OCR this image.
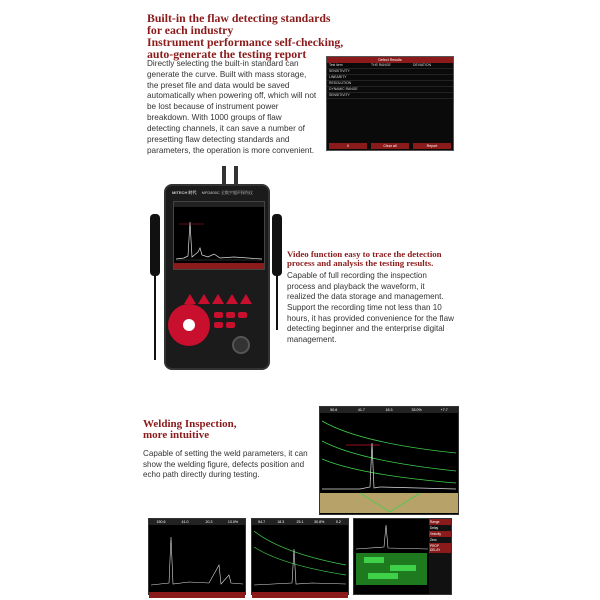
Built-in the flaw detecting standards
for each industry
Instrument performance self-checking,
auto-generate the testing report
Directly selecting the built-in standard can generate the curve. Built with mass storage, the preset file and data would be saved automatically when powering off, which will not be lost because of instrument power breakdown. With 1000 groups of flaw detecting channels, it can save a number of presetting flaw detecting standards and parameters, the operation is more convenient.
Defect Results
Test item	THS RANGE	DEVIATION
SENSITIVITY
LINEARITY
RESOLUTION
DYNAMIC RANGE
SENSITIVITY
X	Clear all	Report
MITECH 时代 MFD800C 全数字超声探伤仪
Video function easy to trace the detection
process and analysis the testing results.
Capable of full recording the inspection process and playback the waveform, it realized the data storage and management. Support the recording time not less than 10 hours, it has provided convenience for the flaw detecting beginner and the enterprise digital management.
Welding Inspection,
more intuitive
Capable of setting the weld parameters, it can show the welding figure, defects position and echo path directly during testing.
50.6	41.7	18.3	33.0%	+7.7
150.6	41.0	20.3	13.0%	54.7	18.3	25.1	30.8%	0.2	Range
Delay
Velocity
Zero
PROP DELAY
